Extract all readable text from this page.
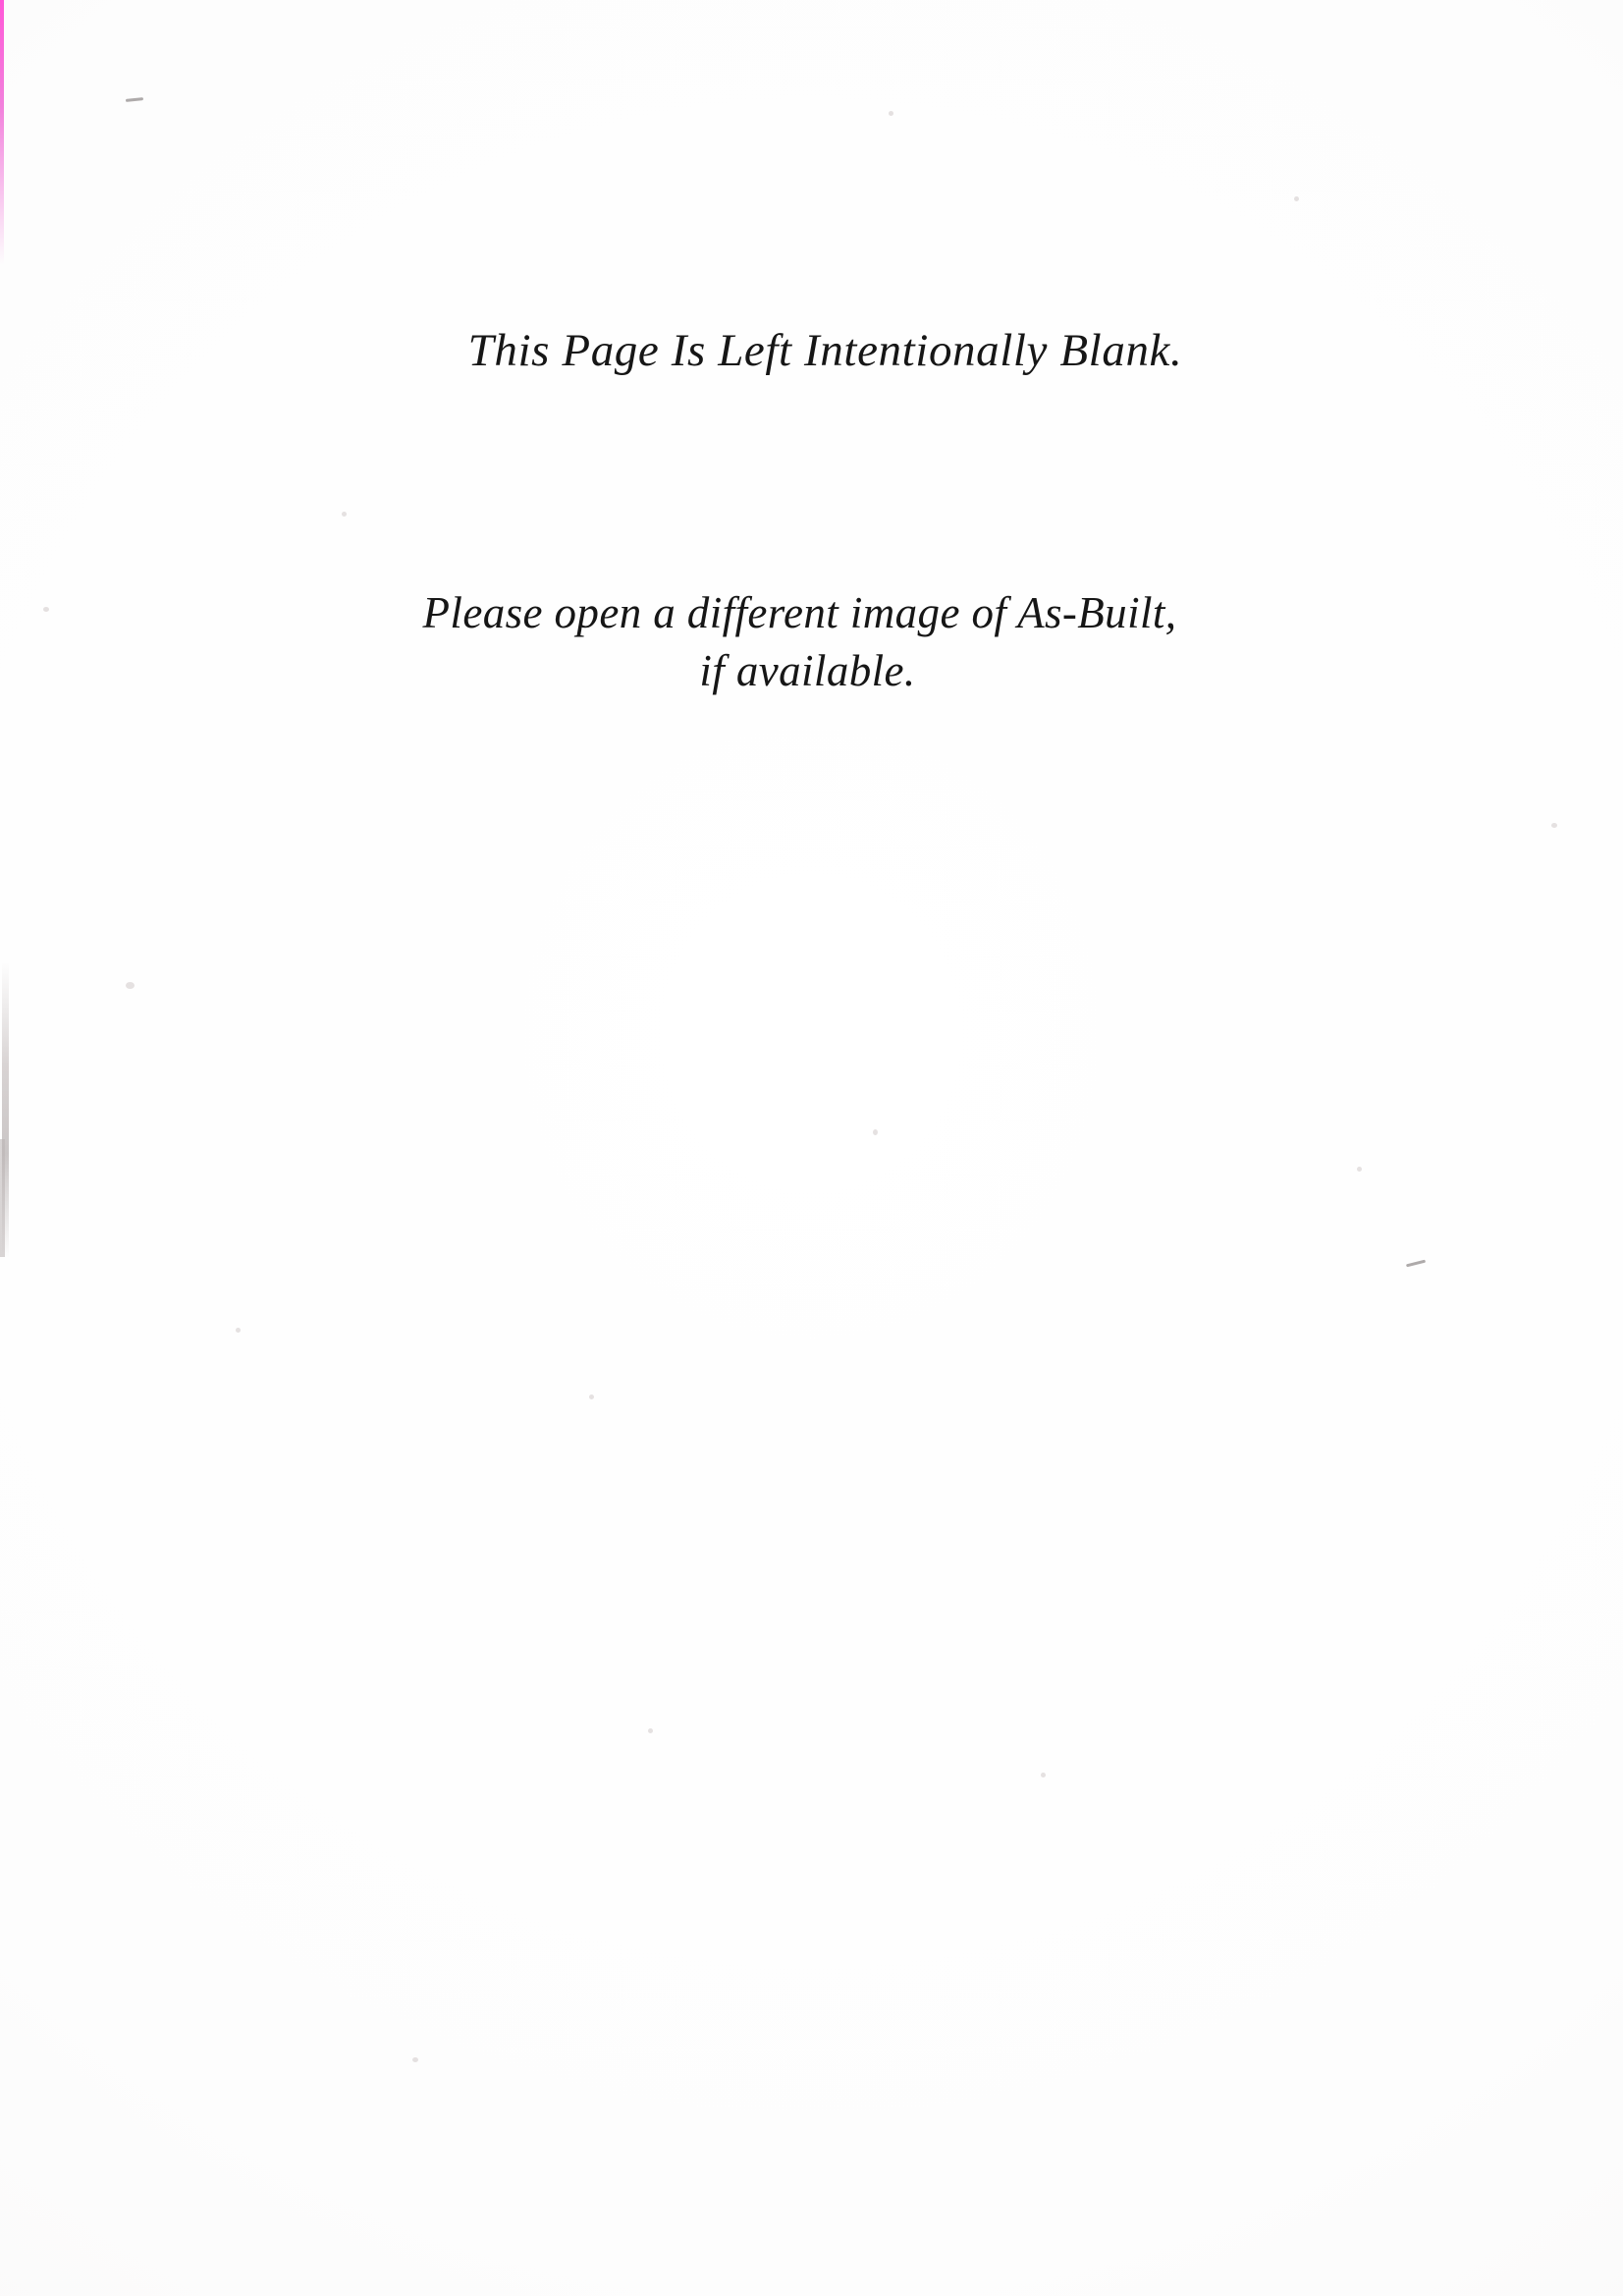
This Page Is Left Intentionally Blank.
Please open a different image of As-Built,
if available.
